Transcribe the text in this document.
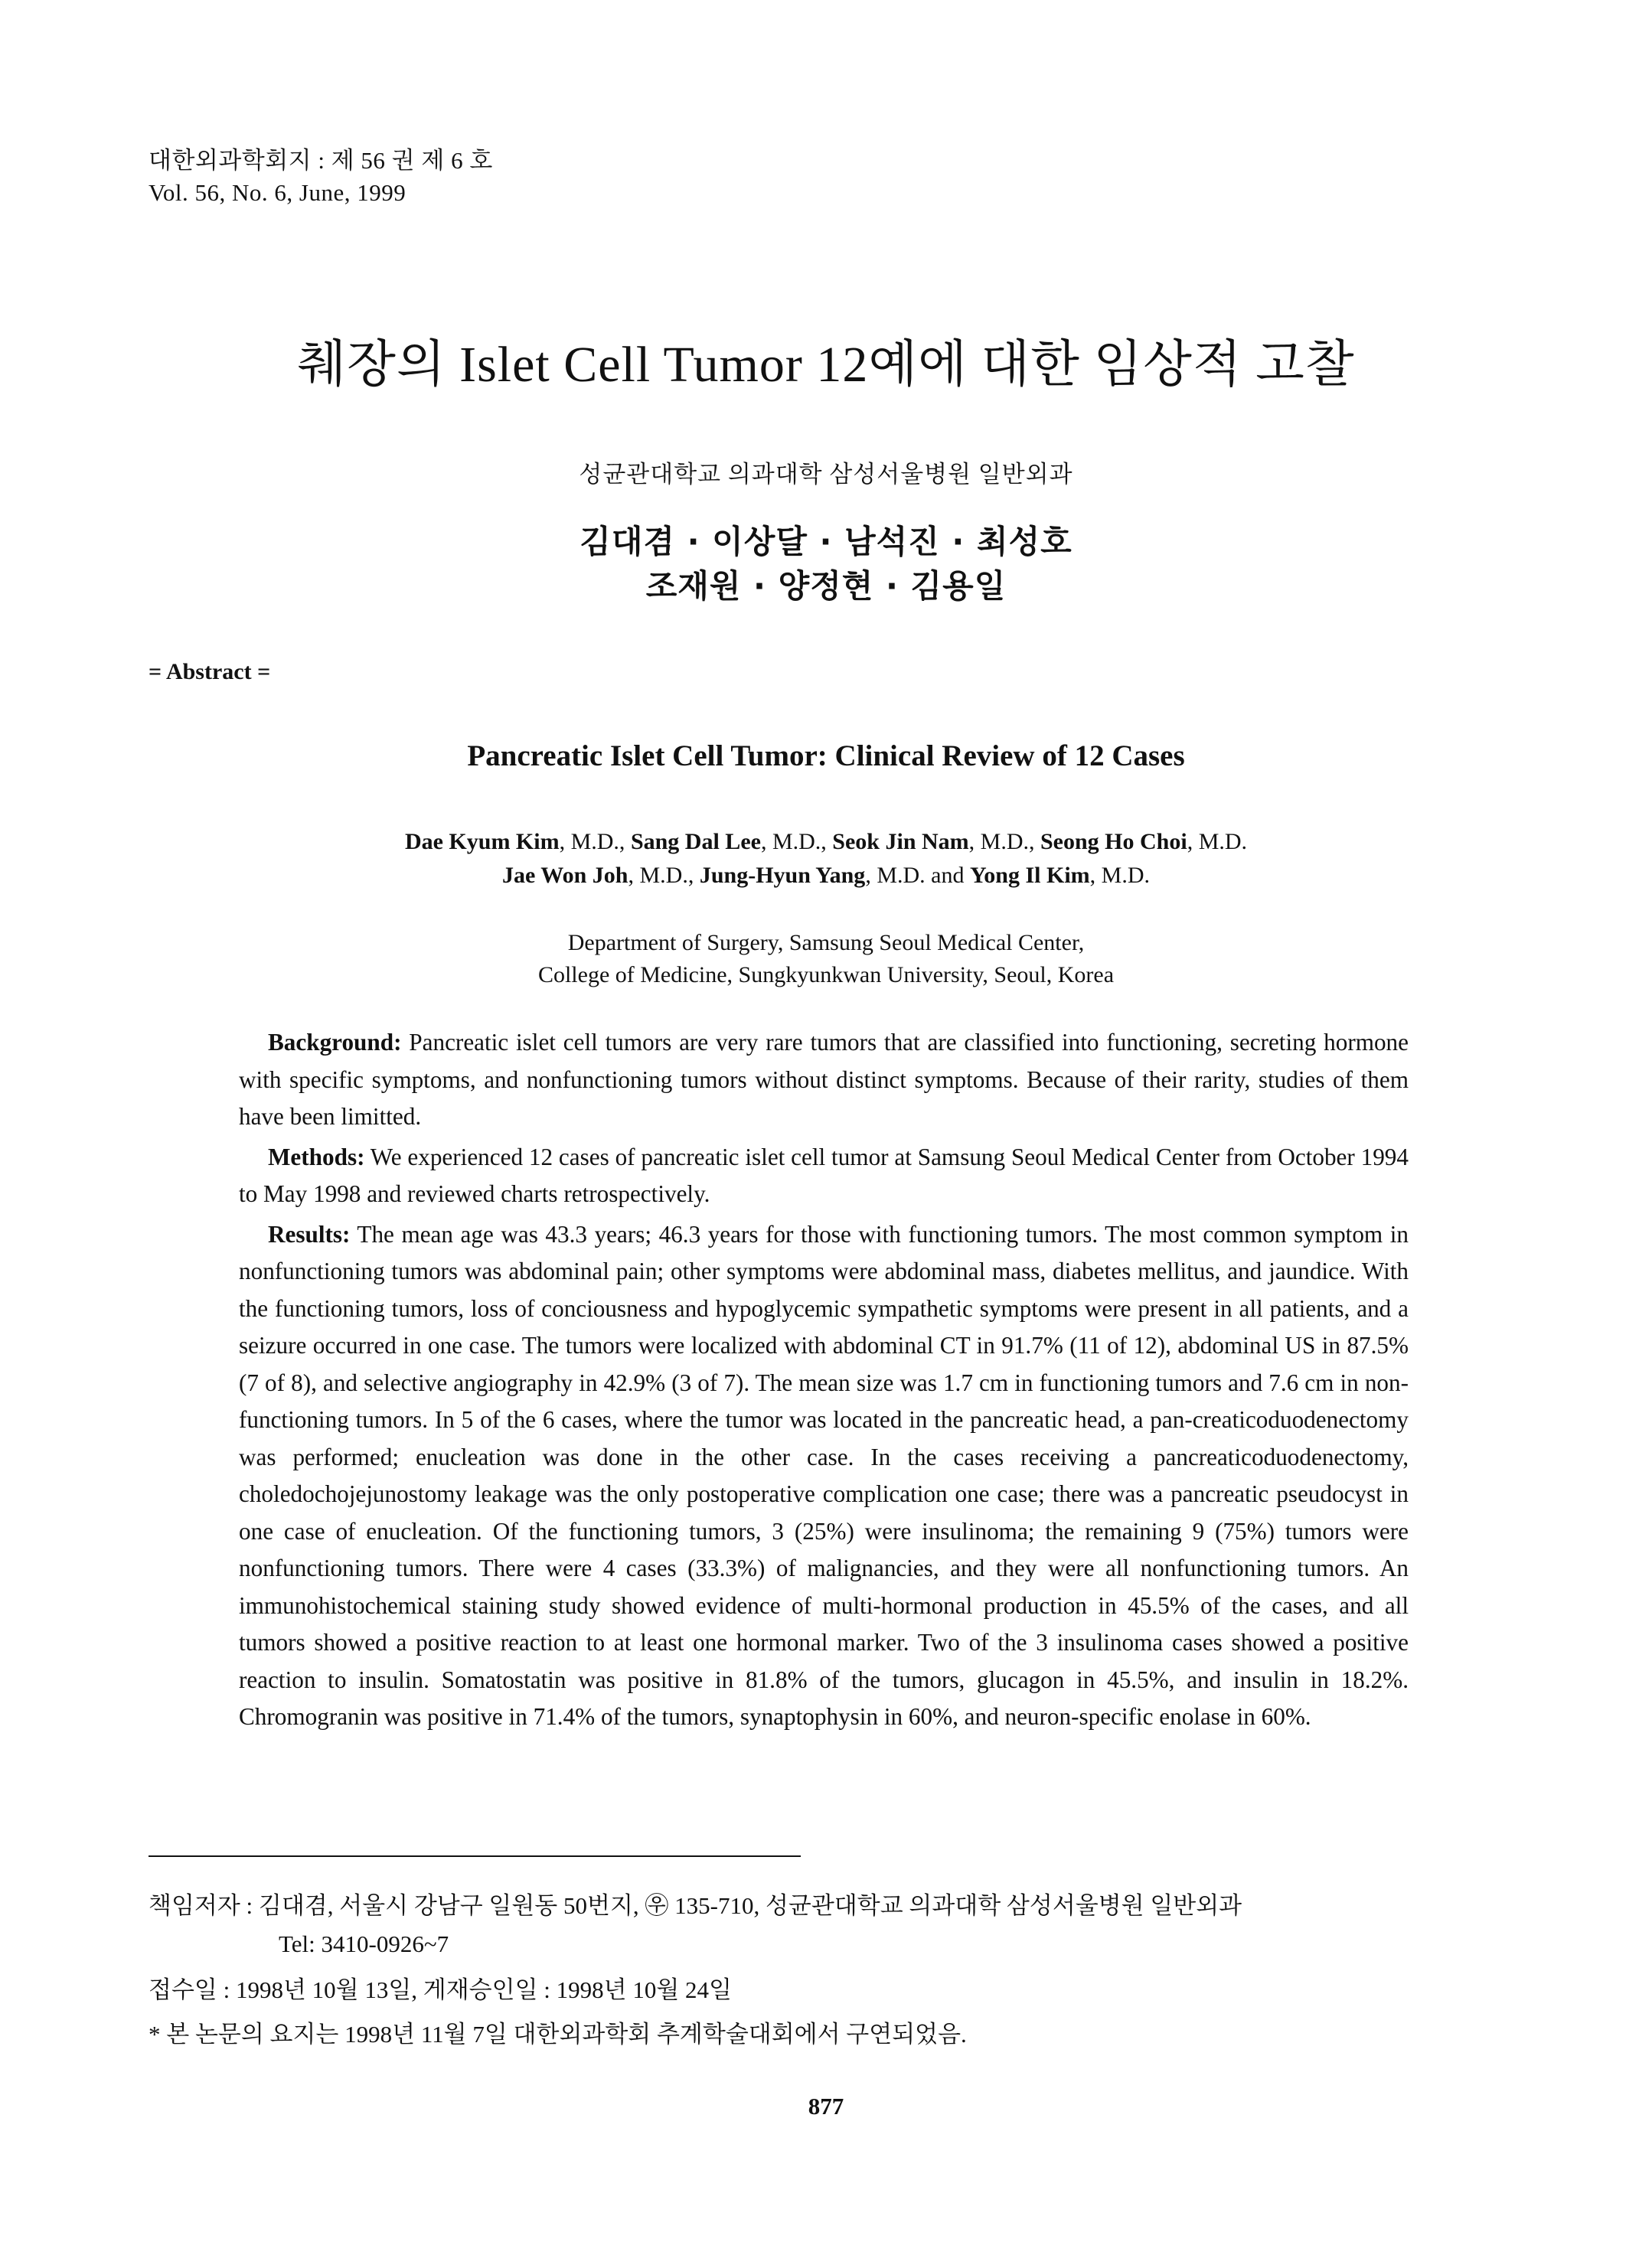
대한외과학회지 : 제 56 권 제 6 호
Vol. 56, No. 6, June, 1999
췌장의 Islet Cell Tumor 12예에 대한 임상적 고찰
성균관대학교 의과대학 삼성서울병원 일반외과
김대겸 · 이상달 · 남석진 · 최성호
조재원 · 양정현 · 김용일
= Abstract =
Pancreatic Islet Cell Tumor: Clinical Review of 12 Cases
Dae Kyum Kim, M.D., Sang Dal Lee, M.D., Seok Jin Nam, M.D., Seong Ho Choi, M.D.
Jae Won Joh, M.D., Jung-Hyun Yang, M.D. and Yong Il Kim, M.D.
Department of Surgery, Samsung Seoul Medical Center,
College of Medicine, Sungkyunkwan University, Seoul, Korea

Background: Pancreatic islet cell tumors are very rare tumors that are classified into functioning, secreting hormone with specific symptoms, and nonfunctioning tumors without distinct symptoms. Because of their rarity, studies of them have been limitted.

Methods: We experienced 12 cases of pancreatic islet cell tumor at Samsung Seoul Medical Center from October 1994 to May 1998 and reviewed charts retrospectively.

Results: The mean age was 43.3 years; 46.3 years for those with functioning tumors. The most common symptom in nonfunctioning tumors was abdominal pain; other symptoms were abdominal mass, diabetes mellitus, and jaundice. With the functioning tumors, loss of conciousness and hypoglycemic sympathetic symptoms were present in all patients, and a seizure occurred in one case. The tumors were localized with abdominal CT in 91.7% (11 of 12), abdominal US in 87.5% (7 of 8), and selective angiography in 42.9% (3 of 7). The mean size was 1.7 cm in functioning tumors and 7.6 cm in non-functioning tumors. In 5 of the 6 cases, where the tumor was located in the pancreatic head, a pan-creaticoduodenectomy was performed; enucleation was done in the other case. In the cases receiving a pancreaticoduodenectomy, choledochojejunostomy leakage was the only postoperative complication one case; there was a pancreatic pseudocyst in one case of enucleation. Of the functioning tumors, 3 (25%) were insulinoma; the remaining 9 (75%) tumors were nonfunctioning tumors. There were 4 cases (33.3%) of malignancies, and they were all nonfunctioning tumors. An immunohistochemical staining study showed evidence of multi-hormonal production in 45.5% of the cases, and all tumors showed a positive reaction to at least one hormonal marker. Two of the 3 insulinoma cases showed a positive reaction to insulin. Somatostatin was positive in 81.8% of the tumors, glucagon in 45.5%, and insulin in 18.2%. Chromogranin was positive in 71.4% of the tumors, synaptophysin in 60%, and neuron-specific enolase in 60%.

책임저자 : 김대겸, 서울시 강남구 일원동 50번지, ㉾ 135-710, 성균관대학교 의과대학 삼성서울병원 일반외과
Tel: 3410-0926~7
접수일 : 1998년 10월 13일, 게재승인일 : 1998년 10월 24일
* 본 논문의 요지는 1998년 11월 7일 대한외과학회 추계학술대회에서 구연되었음.
877
